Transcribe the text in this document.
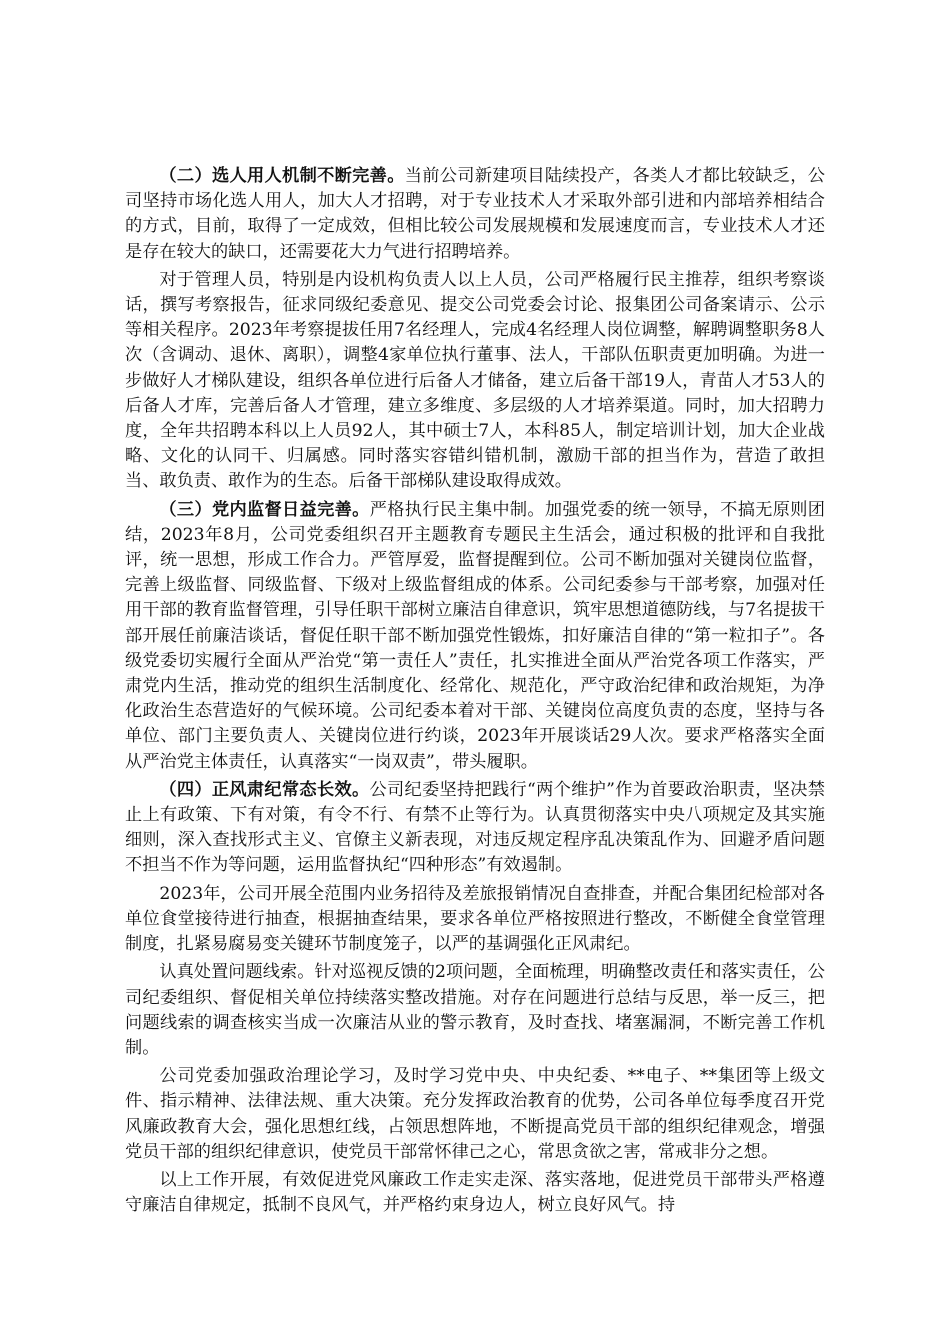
（二）选人用人机制不断完善。当前公司新建项目陆续投产，各类人才都比较缺乏，公司坚持市场化选人用人，加大人才招聘，对于专业技术人才采取外部引进和内部培养相结合的方式，目前，取得了一定成效，但相比较公司发展规模和发展速度而言，专业技术人才还是存在较大的缺口，还需要花大力气进行招聘培养。

对于管理人员，特别是内设机构负责人以上人员，公司严格履行民主推荐，组织考察谈话，撰写考察报告，征求同级纪委意见、提交公司党委会讨论、报集团公司备案请示、公示等相关程序。2023年考察提拔任用7名经理人，完成4名经理人岗位调整，解聘调整职务8人次（含调动、退休、离职），调整4家单位执行董事、法人，干部队伍职责更加明确。为进一步做好人才梯队建设，组织各单位进行后备人才储备，建立后备干部19人，青苗人才53人的后备人才库，完善后备人才管理，建立多维度、多层级的人才培养渠道。同时，加大招聘力度，全年共招聘本科以上人员92人，其中硕士7人，本科85人，制定培训计划，加大企业战略、文化的认同干、归属感。同时落实容错纠错机制，激励干部的担当作为，营造了敢担当、敢负责、敢作为的生态。后备干部梯队建设取得成效。

（三）党内监督日益完善。严格执行民主集中制。加强党委的统一领导，不搞无原则团结，2023年8月，公司党委组织召开主题教育专题民主生活会，通过积极的批评和自我批评，统一思想，形成工作合力。严管厚爱，监督提醒到位。公司不断加强对关键岗位监督，完善上级监督、同级监督、下级对上级监督组成的体系。公司纪委参与干部考察，加强对任用干部的教育监督管理，引导任职干部树立廉洁自律意识，筑牢思想道德防线，与7名提拔干部开展任前廉洁谈话，督促任职干部不断加强党性锻炼，扣好廉洁自律的“第一粒扣子”。各级党委切实履行全面从严治党“第一责任人”责任，扎实推进全面从严治党各项工作落实，严肃党内生活，推动党的组织生活制度化、经常化、规范化，严守政治纪律和政治规矩，为净化政治生态营造好的气候环境。公司纪委本着对干部、关键岗位高度负责的态度，坚持与各单位、部门主要负责人、关键岗位进行约谈，2023年开展谈话29人次。要求严格落实全面从严治党主体责任，认真落实“一岗双责”，带头履职。

（四）正风肃纪常态长效。公司纪委坚持把践行“两个维护”作为首要政治职责，坚决禁止上有政策、下有对策，有令不行、有禁不止等行为。认真贯彻落实中央八项规定及其实施细则，深入查找形式主义、官僚主义新表现，对违反规定程序乱决策乱作为、回避矛盾问题不担当不作为等问题，运用监督执纪“四种形态”有效遏制。

2023年，公司开展全范围内业务招待及差旅报销情况自查排查，并配合集团纪检部对各单位食堂接待进行抽查，根据抽查结果，要求各单位严格按照进行整改，不断健全食堂管理制度，扎紧易腐易变关键环节制度笼子，以严的基调强化正风肃纪。

认真处置问题线索。针对巡视反馈的2项问题，全面梳理，明确整改责任和落实责任，公司纪委组织、督促相关单位持续落实整改措施。对存在问题进行总结与反思，举一反三，把问题线索的调查核实当成一次廉洁从业的警示教育，及时查找、堵塞漏洞，不断完善工作机制。

公司党委加强政治理论学习，及时学习党中央、中央纪委、**电子、**集团等上级文件、指示精神、法律法规、重大决策。充分发挥政治教育的优势，公司各单位每季度召开党风廉政教育大会，强化思想红线，占领思想阵地，不断提高党员干部的组织纪律观念，增强党员干部的组织纪律意识，使党员干部常怀律己之心，常思贪欲之害，常戒非分之想。

以上工作开展，有效促进党风廉政工作走实走深、落实落地，促进党员干部带头严格遵守廉洁自律规定，抵制不良风气，并严格约束身边人，树立良好风气。持
